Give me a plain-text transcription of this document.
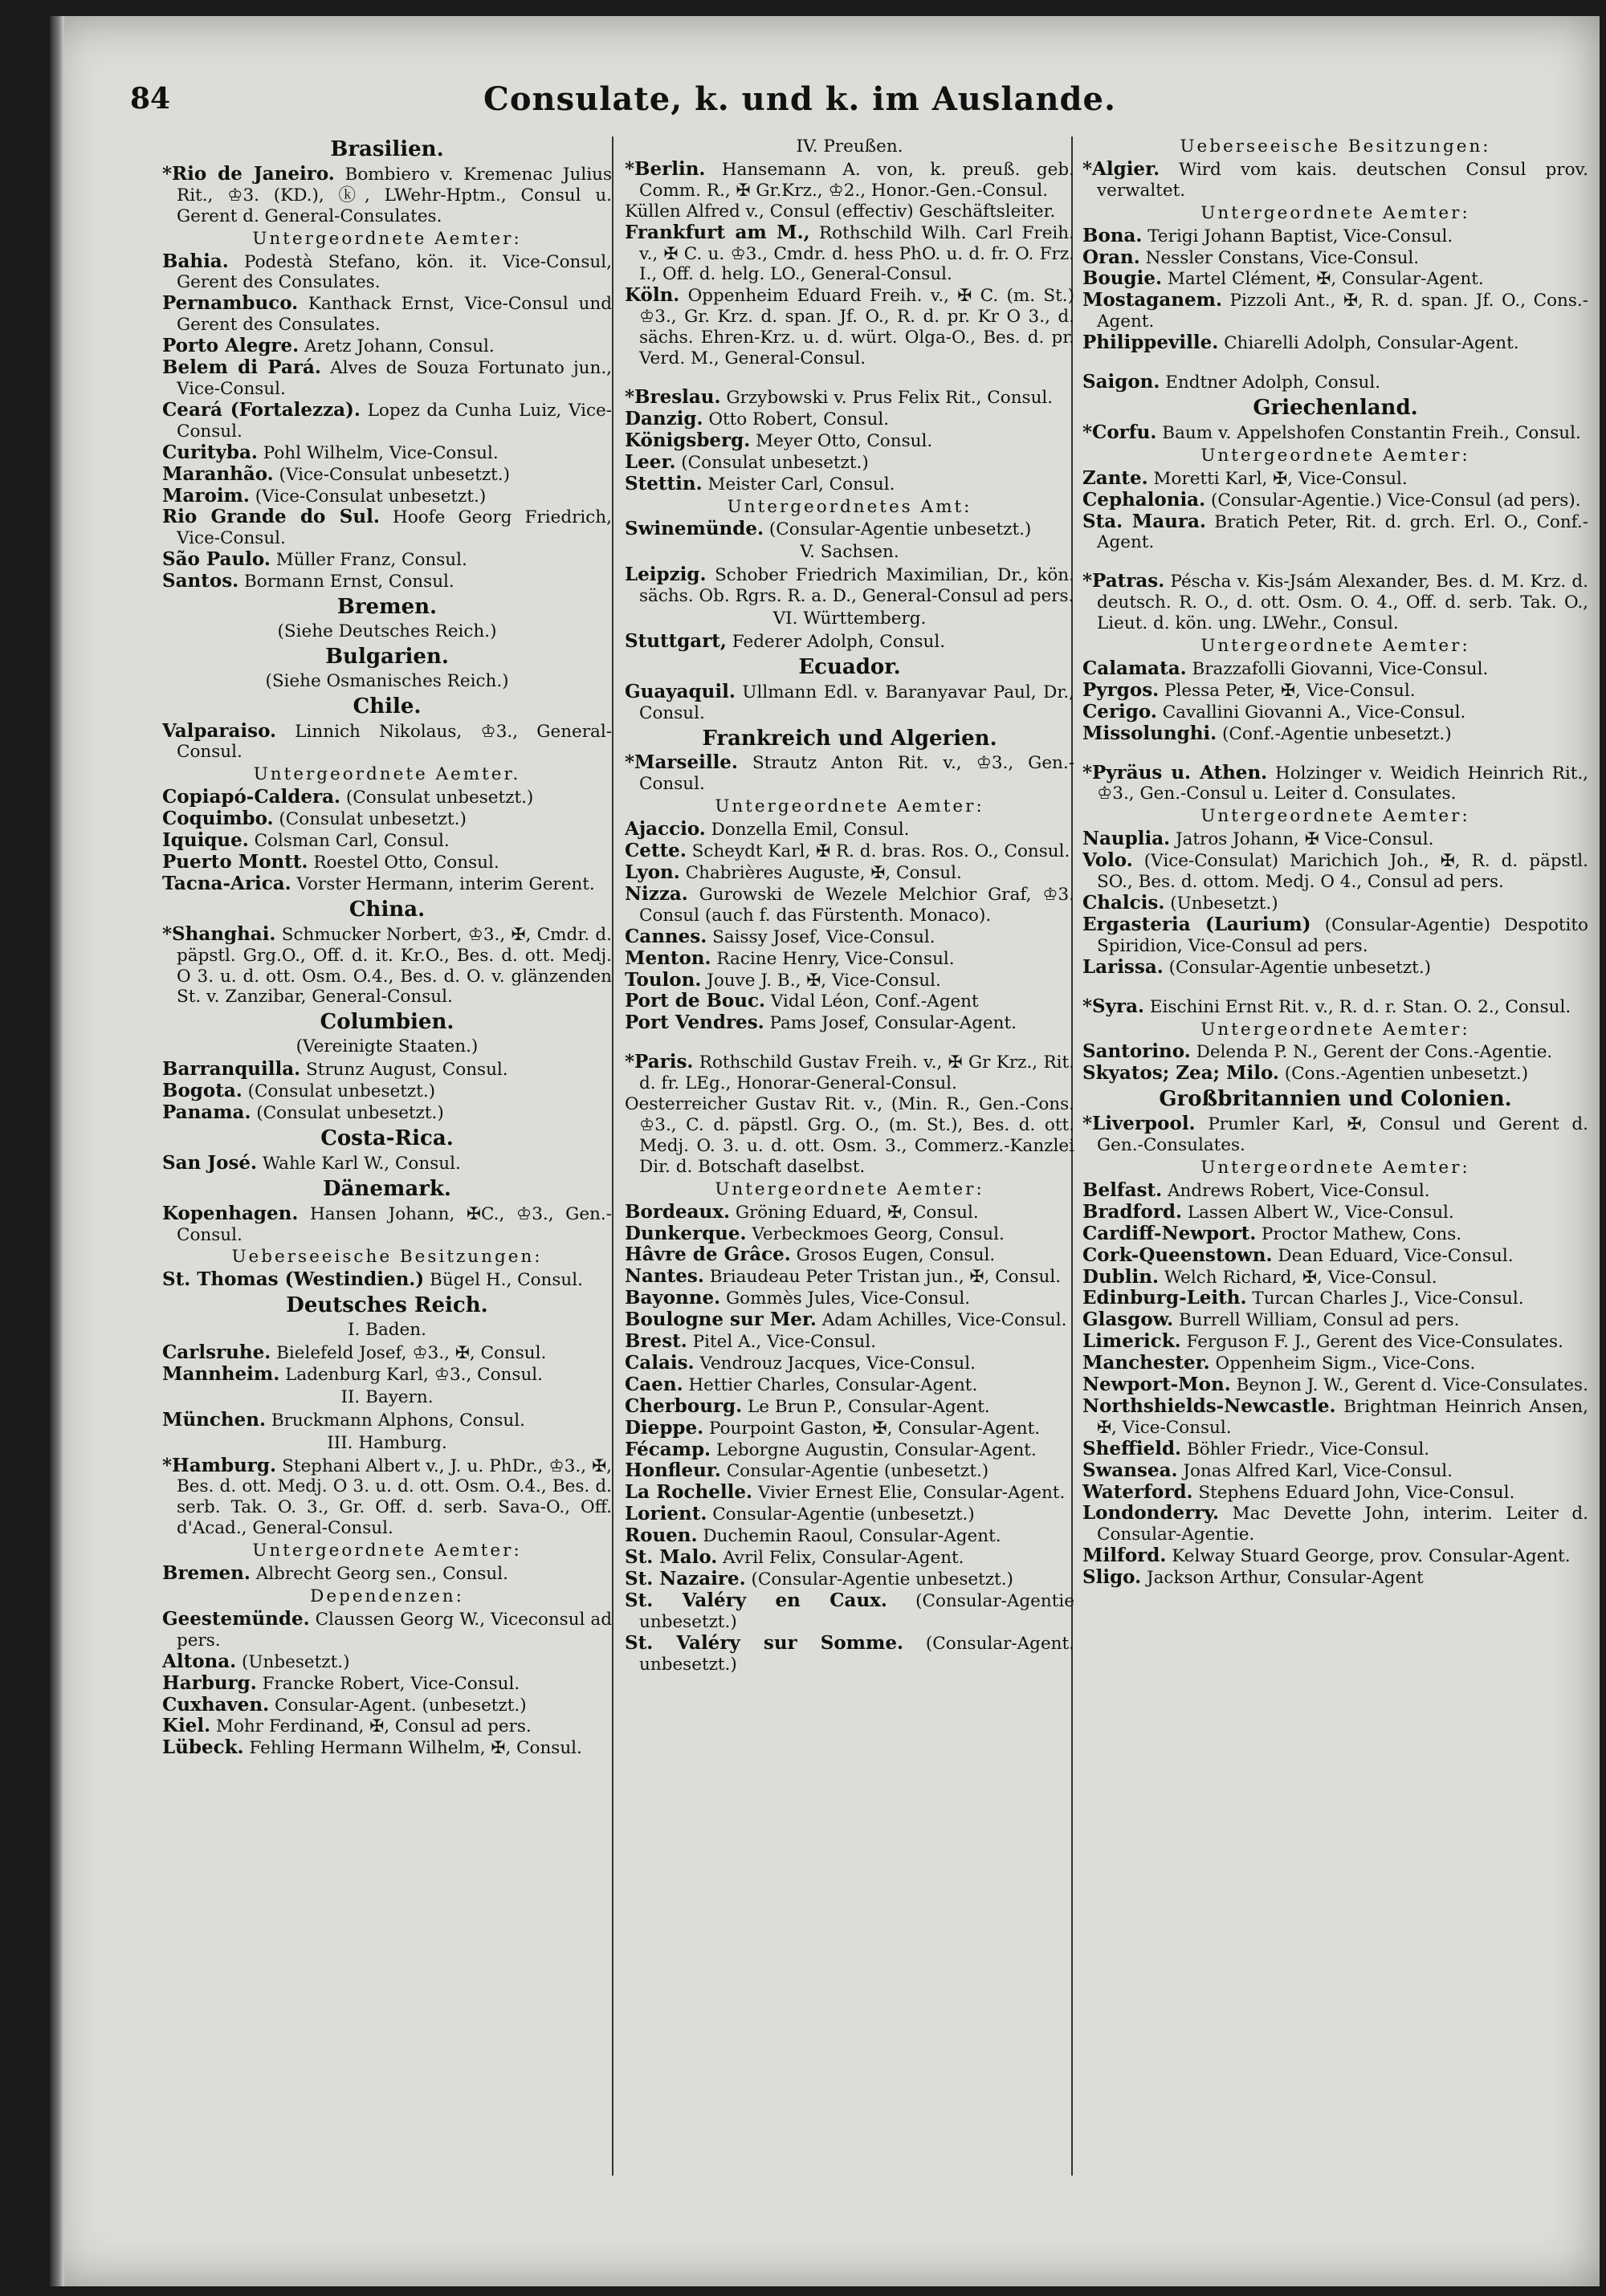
84	Consulate, k. und k. im Auslande.
Brasilien.
*Rio de Janeiro. Bombiero v. Kremenac Julius Rit., ♔3. (KD.), ⓚ, LWehr-Hptm., Consul u. Gerent d. General-Consulates.
Untergeordnete Aemter:
Bahia. Podestà Stefano, kön. it. Vice-Consul, Gerent des Consulates.
Pernambuco. Kanthack Ernst, Vice-Consul und Gerent des Consulates.
Porto Alegre. Aretz Johann, Consul.
Belem di Pará. Alves de Souza Fortunato jun., Vice-Consul.
Ceará (Fortalezza). Lopez da Cunha Luiz, Vice-Consul.
Curityba. Pohl Wilhelm, Vice-Consul.
Maranhão. (Vice-Consulat unbesetzt.)
Maroim. (Vice-Consulat unbesetzt.)
Rio Grande do Sul. Hoofe Georg Friedrich, Vice-Consul.
São Paulo. Müller Franz, Consul.
Santos. Bormann Ernst, Consul.
Bremen.
(Siehe Deutsches Reich.)
Bulgarien.
(Siehe Osmanisches Reich.)
Chile.
Valparaiso. Linnich Nikolaus, ♔3., General-Consul.
Untergeordnete Aemter.
Copiapó-Caldera. (Consulat unbesetzt.)
Coquimbo. (Consulat unbesetzt.)
Iquique. Colsman Carl, Consul.
Puerto Montt. Roestel Otto, Consul.
Tacna-Arica. Vorster Hermann, interim Gerent.
China.
*Shanghai. Schmucker Norbert, ♔3., ✠, Cmdr. d. päpstl. Grg.O., Off. d. it. Kr.O., Bes. d. ott. Medj. O 3. u. d. ott. Osm. O.4., Bes. d. O. v. glänzenden St. v. Zanzibar, General-Consul.
Columbien.
(Vereinigte Staaten.)
Barranquilla. Strunz August, Consul.
Bogota. (Consulat unbesetzt.)
Panama. (Consulat unbesetzt.)
Costa-Rica.
San José. Wahle Karl W., Consul.
Dänemark.
Kopenhagen. Hansen Johann, ✠C., ♔3., Gen.-Consul.
Ueberseeische Besitzungen:
St. Thomas (Westindien.) Bügel H., Consul.
Deutsches Reich.
I. Baden.
Carlsruhe. Bielefeld Josef, ♔3., ✠, Consul.
Mannheim. Ladenburg Karl, ♔3., Consul.
II. Bayern.
München. Bruckmann Alphons, Consul.
III. Hamburg.
*Hamburg. Stephani Albert v., J. u. PhDr., ♔3., ✠, Bes. d. ott. Medj. O 3. u. d. ott. Osm. O.4., Bes. d. serb. Tak. O. 3., Gr. Off. d. serb. Sava-O., Off. d'Acad., General-Consul.
Untergeordnete Aemter:
Bremen. Albrecht Georg sen., Consul.
Dependenzen:
Geestemünde. Claussen Georg W., Viceconsul ad pers.
Altona. (Unbesetzt.)
Harburg. Francke Robert, Vice-Consul.
Cuxhaven. Consular-Agent. (unbesetzt.)
Kiel. Mohr Ferdinand, ✠, Consul ad pers.
Lübeck. Fehling Hermann Wilhelm, ✠, Consul.
IV. Preußen.
*Berlin. Hansemann A. von, k. preuß. geb. Comm. R., ✠ Gr.Krz., ♔2., Honor.-Gen.-Consul.
Küllen Alfred v., Consul (effectiv) Geschäftsleiter.
Frankfurt am M., Rothschild Wilh. Carl Freih. v., ✠ C. u. ♔3., Cmdr. d. hess PhO. u. d. fr. O. Frz. I., Off. d. helg. LO., General-Consul.
Köln. Oppenheim Eduard Freih. v., ✠ C. (m. St.) ♔3., Gr. Krz. d. span. Jf. O., R. d. pr. Kr O 3., d. sächs. Ehren-Krz. u. d. würt. Olga-O., Bes. d. pr. Verd. M., General-Consul.
*Breslau. Grzybowski v. Prus Felix Rit., Consul.
Danzig. Otto Robert, Consul.
Königsberg. Meyer Otto, Consul.
Leer. (Consulat unbesetzt.)
Stettin. Meister Carl, Consul.
Untergeordnetes Amt:
Swinemünde. (Consular-Agentie unbesetzt.)
V. Sachsen.
Leipzig. Schober Friedrich Maximilian, Dr., kön. sächs. Ob. Rgrs. R. a. D., General-Consul ad pers.
VI. Württemberg.
Stuttgart, Federer Adolph, Consul.
Ecuador.
Guayaquil. Ullmann Edl. v. Baranyavar Paul, Dr., Consul.
Frankreich und Algerien.
*Marseille. Strautz Anton Rit. v., ♔3., Gen.-Consul.
Untergeordnete Aemter:
Ajaccio. Donzella Emil, Consul.
Cette. Scheydt Karl, ✠ R. d. bras. Ros. O., Consul.
Lyon. Chabrières Auguste, ✠, Consul.
Nizza. Gurowski de Wezele Melchior Graf, ♔3. Consul (auch f. das Fürstenth. Monaco).
Cannes. Saissy Josef, Vice-Consul.
Menton. Racine Henry, Vice-Consul.
Toulon. Jouve J. B., ✠, Vice-Consul.
Port de Bouc. Vidal Léon, Conf.-Agent
Port Vendres. Pams Josef, Consular-Agent.
*Paris. Rothschild Gustav Freih. v., ✠ Gr Krz., Rit. d. fr. LEg., Honorar-General-Consul.
Oesterreicher Gustav Rit. v., (Min. R., Gen.-Cons. ♔3., C. d. päpstl. Grg. O., (m. St.), Bes. d. ott. Medj. O. 3. u. d. ott. Osm. 3., Commerz.-Kanzlei Dir. d. Botschaft daselbst.
Untergeordnete Aemter:
Bordeaux. Gröning Eduard, ✠, Consul.
Dunkerque. Verbeckmoes Georg, Consul.
Hâvre de Grâce. Grosos Eugen, Consul.
Nantes. Briaudeau Peter Tristan jun., ✠, Consul.
Bayonne. Gommès Jules, Vice-Consul.
Boulogne sur Mer. Adam Achilles, Vice-Consul.
Brest. Pitel A., Vice-Consul.
Calais. Vendrouz Jacques, Vice-Consul.
Caen. Hettier Charles, Consular-Agent.
Cherbourg. Le Brun P., Consular-Agent.
Dieppe. Pourpoint Gaston, ✠, Consular-Agent.
Fécamp. Leborgne Augustin, Consular-Agent.
Honfleur. Consular-Agentie (unbesetzt.)
La Rochelle. Vivier Ernest Elie, Consular-Agent.
Lorient. Consular-Agentie (unbesetzt.)
Rouen. Duchemin Raoul, Consular-Agent.
St. Malo. Avril Felix, Consular-Agent.
St. Nazaire. (Consular-Agentie unbesetzt.)
St. Valéry en Caux. (Consular-Agentie unbesetzt.)
St. Valéry sur Somme. (Consular-Agent. unbesetzt.)
Ueberseeische Besitzungen:
*Algier. Wird vom kais. deutschen Consul prov. verwaltet.
Untergeordnete Aemter:
Bona. Terigi Johann Baptist, Vice-Consul.
Oran. Nessler Constans, Vice-Consul.
Bougie. Martel Clément, ✠, Consular-Agent.
Mostaganem. Pizzoli Ant., ✠, R. d. span. Jf. O., Cons.-Agent.
Philippeville. Chiarelli Adolph, Consular-Agent.
Saigon. Endtner Adolph, Consul.
Griechenland.
*Corfu. Baum v. Appelshofen Constantin Freih., Consul.
Untergeordnete Aemter:
Zante. Moretti Karl, ✠, Vice-Consul.
Cephalonia. (Consular-Agentie.) Vice-Consul (ad pers).
Sta. Maura. Bratich Peter, Rit. d. grch. Erl. O., Conf.-Agent.
*Patras. Péscha v. Kis-Jsám Alexander, Bes. d. M. Krz. d. deutsch. R. O., d. ott. Osm. O. 4., Off. d. serb. Tak. O., Lieut. d. kön. ung. LWehr., Consul.
Untergeordnete Aemter:
Calamata. Brazzafolli Giovanni, Vice-Consul.
Pyrgos. Plessa Peter, ✠, Vice-Consul.
Cerigo. Cavallini Giovanni A., Vice-Consul.
Missolunghi. (Conf.-Agentie unbesetzt.)
*Pyräus u. Athen. Holzinger v. Weidich Heinrich Rit., ♔3., Gen.-Consul u. Leiter d. Consulates.
Untergeordnete Aemter:
Nauplia. Jatros Johann, ✠ Vice-Consul.
Volo. (Vice-Consulat) Marichich Joh., ✠, R. d. päpstl. SO., Bes. d. ottom. Medj. O 4., Consul ad pers.
Chalcis. (Unbesetzt.)
Ergasteria (Laurium) (Consular-Agentie) Despotito Spiridion, Vice-Consul ad pers.
Larissa. (Consular-Agentie unbesetzt.)
*Syra. Eischini Ernst Rit. v., R. d. r. Stan. O. 2., Consul.
Untergeordnete Aemter:
Santorino. Delenda P. N., Gerent der Cons.-Agentie.
Skyatos; Zea; Milo. (Cons.-Agentien unbesetzt.)
Großbritannien und Colonien.
*Liverpool. Prumler Karl, ✠, Consul und Gerent d. Gen.-Consulates.
Untergeordnete Aemter:
Belfast. Andrews Robert, Vice-Consul.
Bradford. Lassen Albert W., Vice-Consul.
Cardiff-Newport. Proctor Mathew, Cons.
Cork-Queenstown. Dean Eduard, Vice-Consul.
Dublin. Welch Richard, ✠, Vice-Consul.
Edinburg-Leith. Turcan Charles J., Vice-Consul.
Glasgow. Burrell William, Consul ad pers.
Limerick. Ferguson F. J., Gerent des Vice-Consulates.
Manchester. Oppenheim Sigm., Vice-Cons.
Newport-Mon. Beynon J. W., Gerent d. Vice-Consulates.
Northshields-Newcastle. Brightman Heinrich Ansen, ✠, Vice-Consul.
Sheffield. Böhler Friedr., Vice-Consul.
Swansea. Jonas Alfred Karl, Vice-Consul.
Waterford. Stephens Eduard John, Vice-Consul.
Londonderry. Mac Devette John, interim. Leiter d. Consular-Agentie.
Milford. Kelway Stuard George, prov. Consular-Agent.
Sligo. Jackson Arthur, Consular-Agent
